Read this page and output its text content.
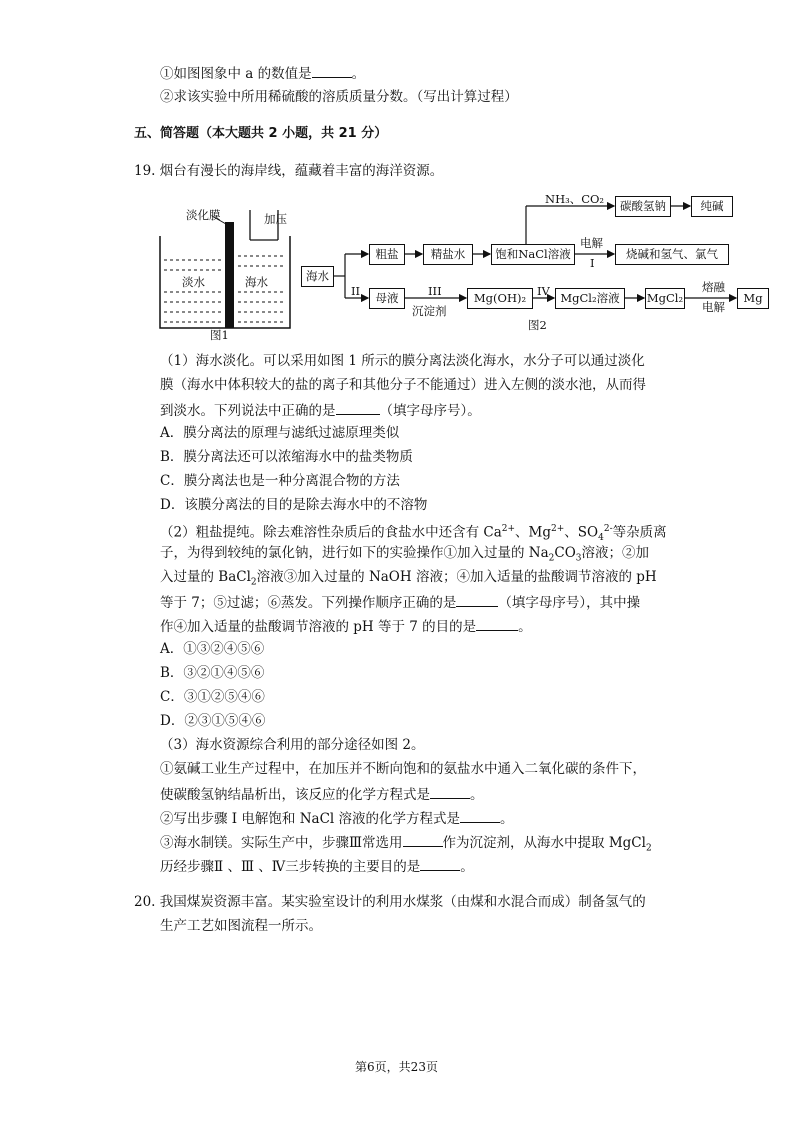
①如图图象中 a 的数值是	。
②求该实验中所用稀硫酸的溶质质量分数。（写出计算过程）
五、简答题（本大题共 2 小题，共 21 分）
19. 烟台有漫长的海岸线，蕴藏着丰富的海洋资源。
淡化膜	加压
淡水	海水
图1
海水
粗盐	精盐水	饱和NaCl溶液
NH₃、CO₂	碳酸氢钠	纯碱
电解
I
烧碱和氢气、氯气
II	母液	III
沉淀剂
Mg(OH)₂ IV MgCl₂溶液	MgCl₂
熔融
电解
Mg
图2
（1）海水淡化。可以采用如图 1 所示的膜分离法淡化海水，水分子可以通过淡化
膜（海水中体积较大的盐的离子和其他分子不能通过）进入左侧的淡水池，从而得
到淡水。下列说法中正确的是	（填字母序号）。
A．膜分离法的原理与滤纸过滤原理类似
B．膜分离法还可以浓缩海水中的盐类物质
C．膜分离法也是一种分离混合物的方法
D．该膜分离法的目的是除去海水中的不溶物
（2）粗盐提纯。除去难溶性杂质后的食盐水中还含有 $Ca^{2+}$、$Mg^{2+}$、$SO_4^{2-}$等杂质离
子，为得到较纯的氯化钠，进行如下的实验操作①加入过量的 $Na_2CO_3$溶液；②加
入过量的 BaCl$_2$溶液③加入过量的 NaOH 溶液；④加入适量的盐酸调节溶液的 pH
等于 7；⑤过滤；⑥蒸发。下列操作顺序正确的是	（填字母序号），其中操
作④加入适量的盐酸调节溶液的 pH 等于 7 的目的是	。
A．①③②④⑤⑥
B．③②①④⑤⑥
C．③①②⑤④⑥
D．②③①⑤④⑥
（3）海水资源综合利用的部分途径如图 2。
①氨碱工业生产过程中，在加压并不断向饱和的氨盐水中通入二氧化碳的条件下，
使碳酸氢钠结晶析出，该反应的化学方程式是	。
②写出步骤 I 电解饱和 NaCl 溶液的化学方程式是	。
③海水制镁。实际生产中，步骤Ⅲ常选用	作为沉淀剂，从海水中提取 MgCl$_2$
历经步骤Ⅱ 、Ⅲ 、Ⅳ三步转换的主要目的是	。
20. 我国煤炭资源丰富。某实验室设计的利用水煤浆（由煤和水混合而成）制备氢气的
生产工艺如图流程一所示。
第6页，共23页
